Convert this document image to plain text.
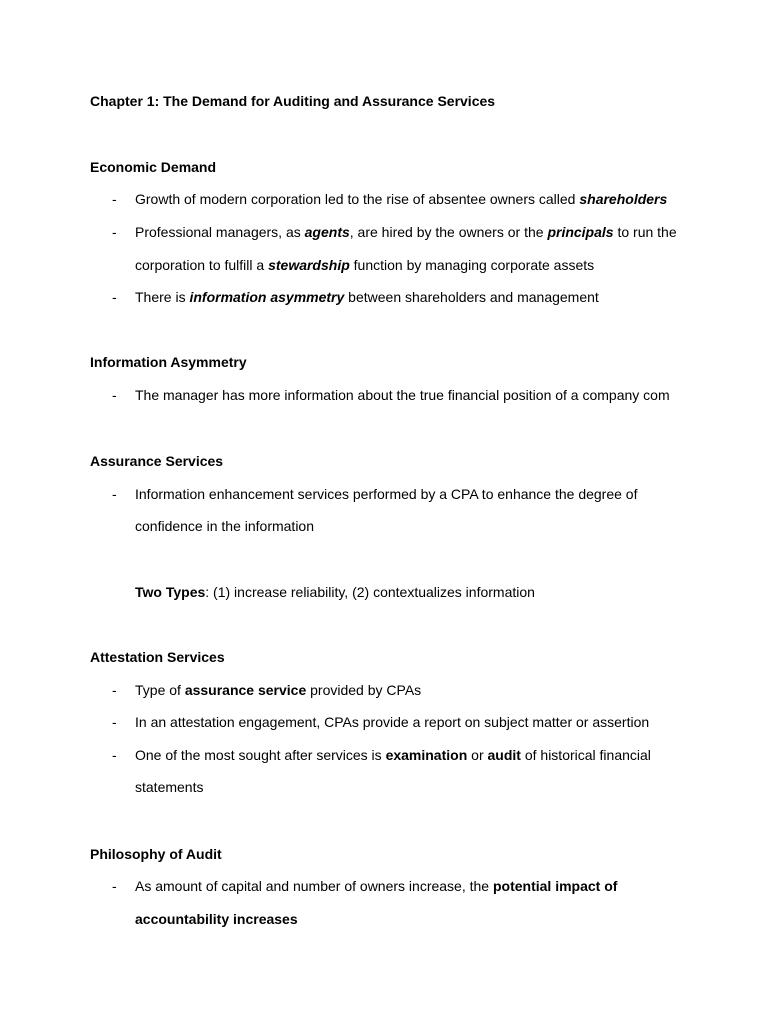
Chapter 1: The Demand for Auditing and Assurance Services
Economic Demand
- Growth of modern corporation led to the rise of absentee owners called shareholders
- Professional managers, as agents, are hired by the owners or the principals to run the
corporation to fulfill a stewardship function by managing corporate assets
- There is information asymmetry between shareholders and management
Information Asymmetry
- The manager has more information about the true financial position of a company com
Assurance Services
- Information enhancement services performed by a CPA to enhance the degree of
confidence in the information
Two Types: (1) increase reliability, (2) contextualizes information
Attestation Services
- Type of assurance service provided by CPAs
- In an attestation engagement, CPAs provide a report on subject matter or assertion
- One of the most sought after services is examination or audit of historical financial
statements
Philosophy of Audit
- As amount of capital and number of owners increase, the potential impact of
accountability increases
